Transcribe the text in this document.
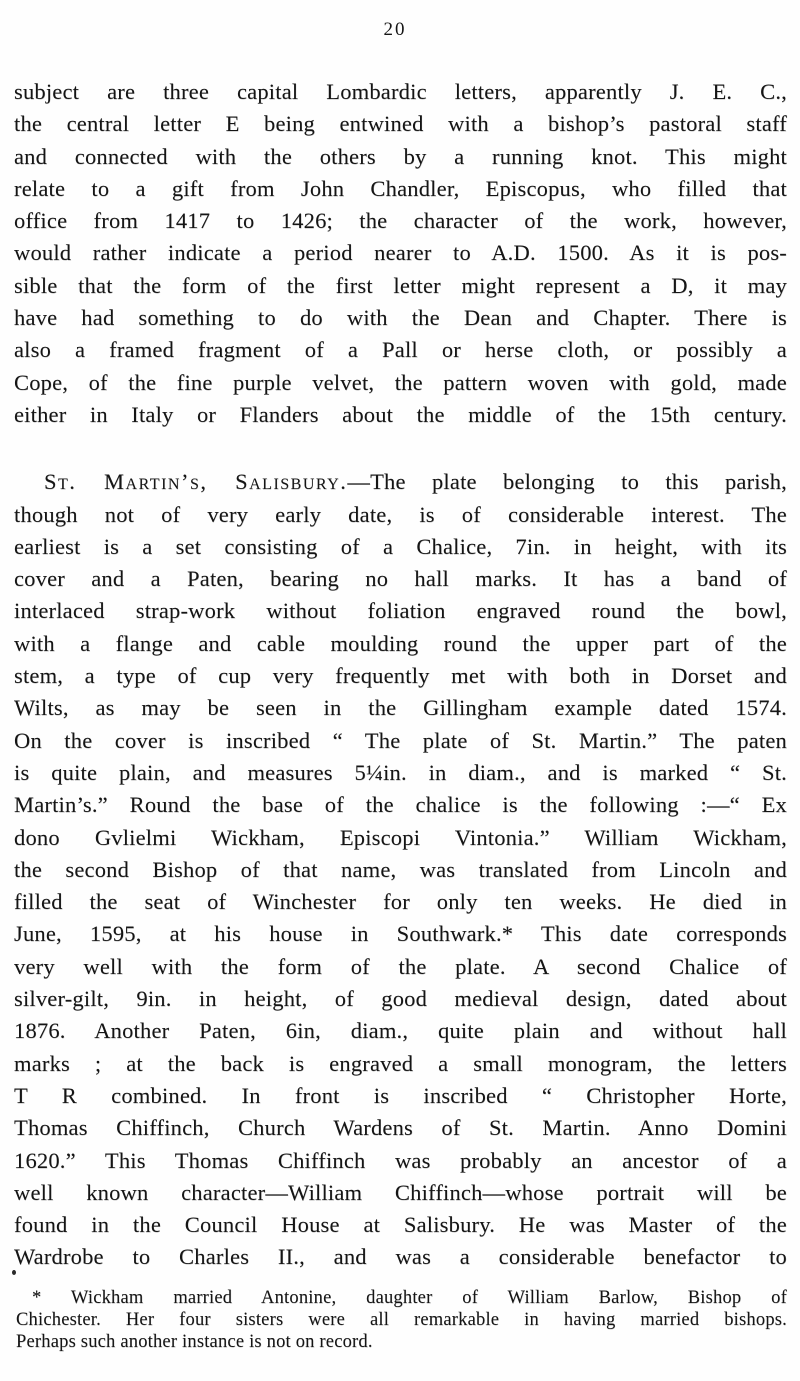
20
subject are three capital Lombardic letters, apparently J. E. C.,
the central letter E being entwined with a bishop’s pastoral staff
and connected with the others by a running knot. This might
relate to a gift from John Chandler, Episcopus, who filled that
office from 1417 to 1426; the character of the work, however,
would rather indicate a period nearer to A.D. 1500. As it is pos-
sible that the form of the first letter might represent a D, it may
have had something to do with the Dean and Chapter. There is
also a framed fragment of a Pall or herse cloth, or possibly a
Cope, of the fine purple velvet, the pattern woven with gold, made
either in Italy or Flanders about the middle of the 15th century.
St. Martin’s, Salisbury.—The plate belonging to this parish,
though not of very early date, is of considerable interest. The
earliest is a set consisting of a Chalice, 7in. in height, with its
cover and a Paten, bearing no hall marks. It has a band of
interlaced strap-work without foliation engraved round the bowl,
with a flange and cable moulding round the upper part of the
stem, a type of cup very frequently met with both in Dorset and
Wilts, as may be seen in the Gillingham example dated 1574.
On the cover is inscribed “ The plate of St. Martin.” The paten
is quite plain, and measures 5¼in. in diam., and is marked “ St.
Martin’s.” Round the base of the chalice is the following :—“ Ex
dono Gvlielmi Wickham, Episcopi Vintonia.” William Wickham,
the second Bishop of that name, was translated from Lincoln and
filled the seat of Winchester for only ten weeks. He died in
June, 1595, at his house in Southwark.* This date corresponds
very well with the form of the plate. A second Chalice of
silver-gilt, 9in. in height, of good medieval design, dated about
1876. Another Paten, 6in, diam., quite plain and without hall
marks ; at the back is engraved a small monogram, the letters
T R combined. In front is inscribed “ Christopher Horte,
Thomas Chiffinch, Church Wardens of St. Martin. Anno Domini
1620.” This Thomas Chiffinch was probably an ancestor of a
well known character—William Chiffinch—whose portrait will be
found in the Council House at Salisbury. He was Master of the
Wardrobe to Charles II., and was a considerable benefactor to
* Wickham married Antonine, daughter of William Barlow, Bishop of
Chichester. Her four sisters were all remarkable in having married bishops.
Perhaps such another instance is not on record.
